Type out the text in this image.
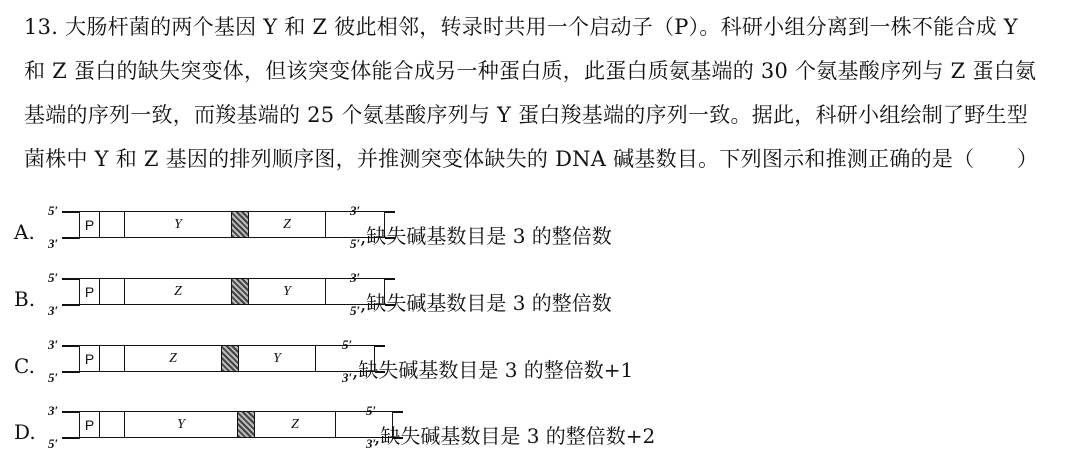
13. 大肠杆菌的两个基因 Y 和 Z 彼此相邻，转录时共用一个启动子（P）。科研小组分离到一株不能合成 Y
和 Z 蛋白的缺失突变体，但该突变体能合成另一种蛋白质，此蛋白质氨基端的 30 个氨基酸序列与 Z 蛋白氨
基端的序列一致，而羧基端的 25 个氨基酸序列与 Y 蛋白羧基端的序列一致。据此，科研小组绘制了野生型
菌株中 Y 和 Z 基因的排列顺序图，并推测突变体缺失的 DNA 碱基数目。下列图示和推测正确的是（　　）
A.
5′
3′
P	Y	Z
3′
5′ ,缺失碱基数目是 3 的整倍数
B.
5′
3′
P	Z	Y
3′
5′ ,缺失碱基数目是 3 的整倍数
C.
3′
5′
P	Z	Y
5′
3′ ,缺失碱基数目是 3 的整倍数+1
D.
3′
5′
P	Y	Z
5′
3′
,缺失碱基数目是 3 的整倍数+2
